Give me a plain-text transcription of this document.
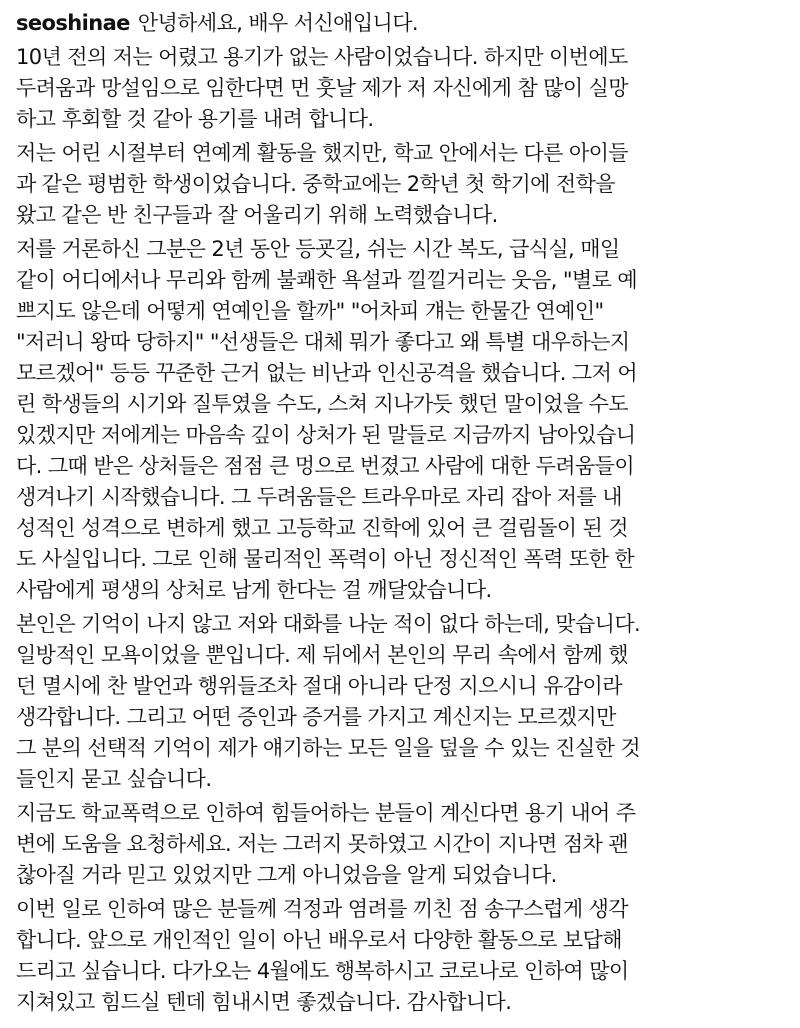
seoshinae 안녕하세요, 배우 서신애입니다.
10년 전의 저는 어렸고 용기가 없는 사람이었습니다. 하지만 이번에도
두려움과 망설임으로 임한다면 먼 훗날 제가 저 자신에게 참 많이 실망
하고 후회할 것 같아 용기를 내려 합니다.
저는 어린 시절부터 연예계 활동을 했지만, 학교 안에서는 다른 아이들
과 같은 평범한 학생이었습니다. 중학교에는 2학년 첫 학기에 전학을
왔고 같은 반 친구들과 잘 어울리기 위해 노력했습니다.
저를 거론하신 그분은 2년 동안 등굣길, 쉬는 시간 복도, 급식실, 매일
같이 어디에서나 무리와 함께 불쾌한 욕설과 낄낄거리는 웃음, "별로 예
쁘지도 않은데 어떻게 연예인을 할까" "어차피 걔는 한물간 연예인"
"저러니 왕따 당하지" "선생들은 대체 뭐가 좋다고 왜 특별 대우하는지
모르겠어" 등등 꾸준한 근거 없는 비난과 인신공격을 했습니다. 그저 어
린 학생들의 시기와 질투였을 수도, 스쳐 지나가듯 했던 말이었을 수도
있겠지만 저에게는 마음속 깊이 상처가 된 말들로 지금까지 남아있습니
다. 그때 받은 상처들은 점점 큰 멍으로 번졌고 사람에 대한 두려움들이
생겨나기 시작했습니다. 그 두려움들은 트라우마로 자리 잡아 저를 내
성적인 성격으로 변하게 했고 고등학교 진학에 있어 큰 걸림돌이 된 것
도 사실입니다. 그로 인해 물리적인 폭력이 아닌 정신적인 폭력 또한 한
사람에게 평생의 상처로 남게 한다는 걸 깨달았습니다.
본인은 기억이 나지 않고 저와 대화를 나눈 적이 없다 하는데, 맞습니다.
일방적인 모욕이었을 뿐입니다. 제 뒤에서 본인의 무리 속에서 함께 했
던 멸시에 찬 발언과 행위들조차 절대 아니라 단정 지으시니 유감이라
생각합니다. 그리고 어떤 증인과 증거를 가지고 계신지는 모르겠지만
그 분의 선택적 기억이 제가 얘기하는 모든 일을 덮을 수 있는 진실한 것
들인지 묻고 싶습니다.
지금도 학교폭력으로 인하여 힘들어하는 분들이 계신다면 용기 내어 주
변에 도움을 요청하세요. 저는 그러지 못하였고 시간이 지나면 점차 괜
찮아질 거라 믿고 있었지만 그게 아니었음을 알게 되었습니다.
이번 일로 인하여 많은 분들께 걱정과 염려를 끼친 점 송구스럽게 생각
합니다. 앞으로 개인적인 일이 아닌 배우로서 다양한 활동으로 보답해
드리고 싶습니다. 다가오는 4월에도 행복하시고 코로나로 인하여 많이
지쳐있고 힘드실 텐데 힘내시면 좋겠습니다. 감사합니다.
